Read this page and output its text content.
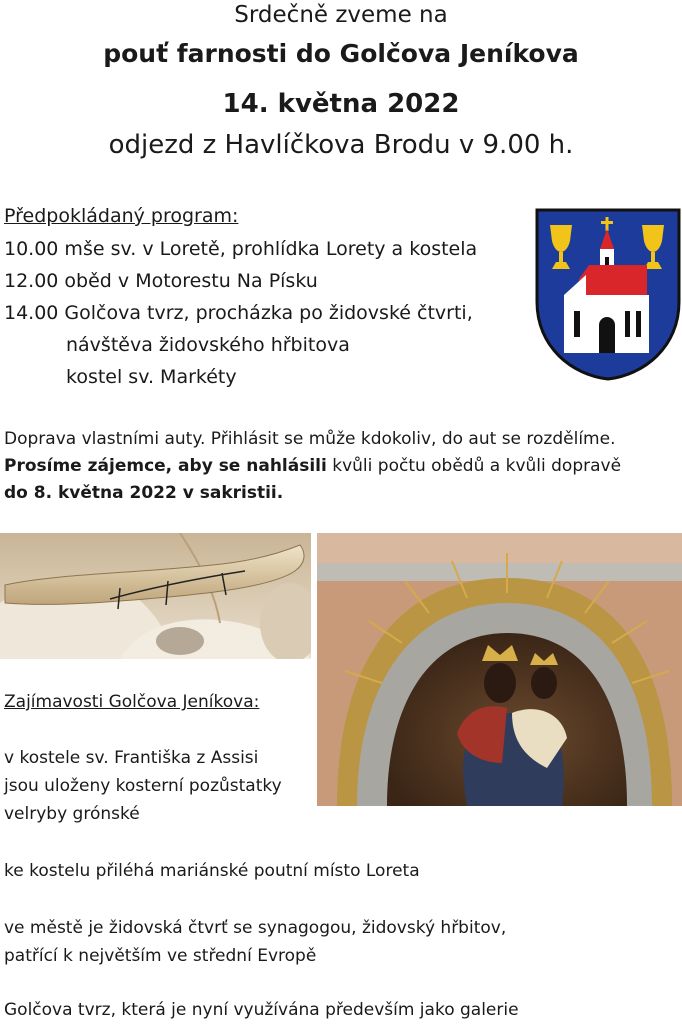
Srdečně zveme na
pouť farnosti do Golčova Jeníkova
14. května 2022
odjezd z Havlíčkova Brodu v 9.00 h.
Předpokládaný program:
10.00 mše sv. v Loretě, prohlídka Lorety a kostela
12.00 oběd v Motorestu Na Písku
14.00 Golčova tvrz, procházka po židovské čtvrti,
návštěva židovského hřbitova
kostel sv. Markéty
Doprava vlastními auty. Přihlásit se může kdokoliv, do aut se rozdělíme.
Prosíme zájemce, aby se nahlásili kvůli počtu obědů a kvůli dopravě
do 8. května 2022 v sakristii.
Zajímavosti Golčova Jeníkova:
v kostele sv. Františka z Assisi
jsou uloženy kosterní pozůstatky
velryby grónské
ke kostelu přiléhá mariánské poutní místo Loreta
ve městě je židovská čtvrť se synagogou, židovský hřbitov,
patřící k největším ve střední Evropě
Golčova tvrz, která je nyní využívána především jako galerie
